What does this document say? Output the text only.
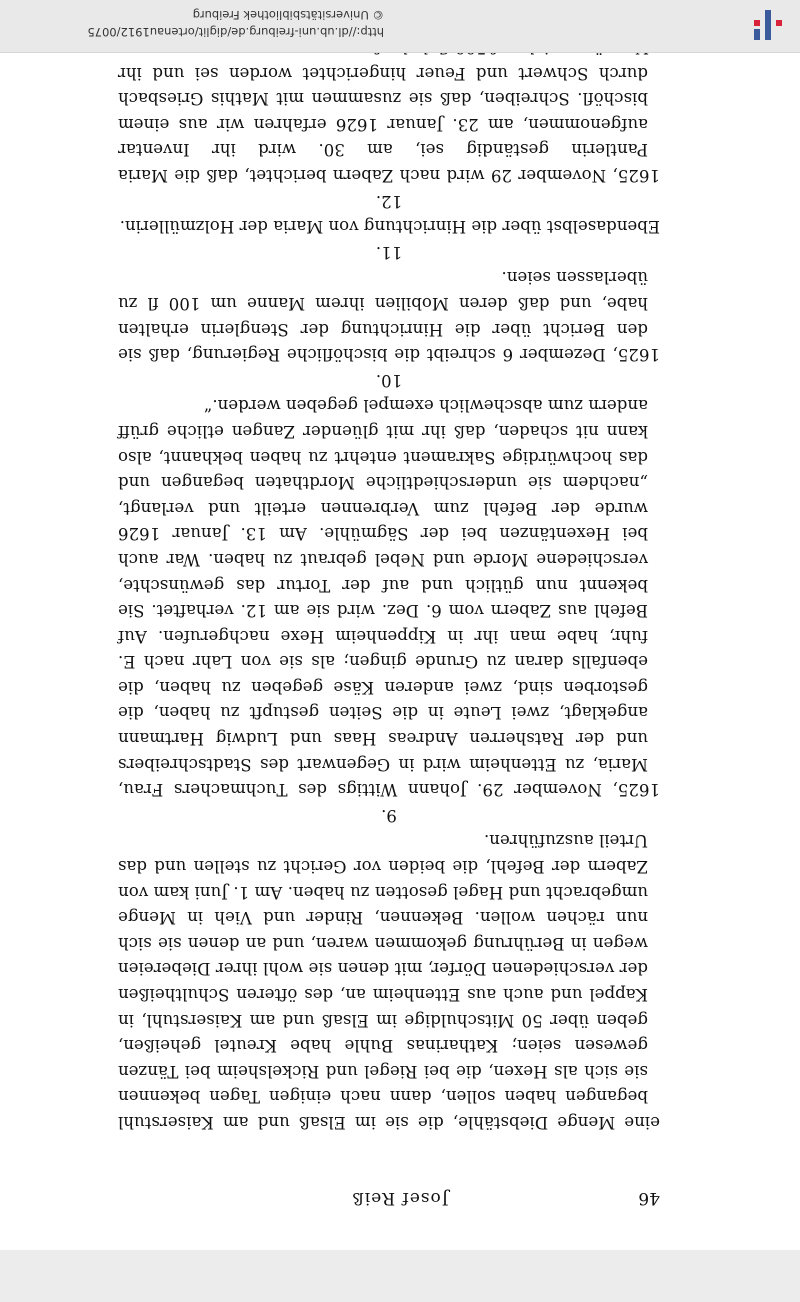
46
Josef Reiß

eine Menge Diebstähle, die sie im Elsaß und am Kaiserstuhl begangen haben sollen, dann nach einigen Tagen bekennen sie sich als Hexen, die bei Riegel und Rickelsheim bei Tänzen gewesen seien; Katharinas Buhle habe Kreutel geheißen, geben über 50 Mitschuldige im Elsaß und am Kaiserstuhl, in Kappel und auch aus Ettenheim an, des öfteren Schultheißen der verschiedenen Dörfer, mit denen sie wohl ihrer Diebereien wegen in Berührung gekommen waren, und an denen sie sich nun rächen wollen. Bekennen, Rinder und Vieh in Menge umgebracht und Hagel gesotten zu haben. Am 1. Juni kam von Zabern der Befehl, die beiden vor Gericht zu stellen und das Urteil auszuführen.

9.

1625, November 29. Johann Wittigs des Tuchmachers Frau, Maria, zu Ettenheim wird in Gegenwart des Stadtschreibers und der Ratsherren Andreas Haas und Ludwig Hartmann angeklagt, zwei Leute in die Seiten gestupft zu haben, die gestorben sind, zwei anderen Käse gegeben zu haben, die ebenfalls daran zu Grunde gingen; als sie von Lahr nach E. fuhr, habe man ihr in Kippenheim Hexe nachgerufen. Auf Befehl aus Zabern vom 6. Dez. wird sie am 12. verhaftet. Sie bekennt nun gütlich und auf der Tortur das gewünschte, verschiedene Morde und Nebel gebraut zu haben. War auch bei Hexentänzen bei der Sägmühle. Am 13. Januar 1626 wurde der Befehl zum Verbrennen erteilt und verlangt, „nachdem sie underschiedtliche Mordthaten begangen und das hochwürdige Sakrament entehrt zu haben bekhannt, also kann nit schaden, daß ihr mit glüender Zangen etliche grüff andern zum abschewlich exempel gegeben werden.“

10.

1625, Dezember 6 schreibt die bischöfliche Regierung, daß sie den Bericht über die Hinrichtung der Stenglerin erhalten habe, und daß deren Mobilien ihrem Manne um 100 fl zu überlassen seien.

11.

Ebendaselbst über die Hinrichtung von Maria der Holzmüllerin.

12.

1625, November 29 wird nach Zabern berichtet, daß die Maria Pantlerin geständig sei, am 30. wird ihr Inventar aufgenommen, am 23. Januar 1626 erfahren wir aus einem bischöfl. Schreiben, daß sie zusammen mit Mathis Griesbach durch Schwert und Feuer hingerichtet worden sei und ihr

http://dl.ub.uni-freiburg.de/diglit/ortenau1912/0075
© Universitätsbibliothek Freiburg
